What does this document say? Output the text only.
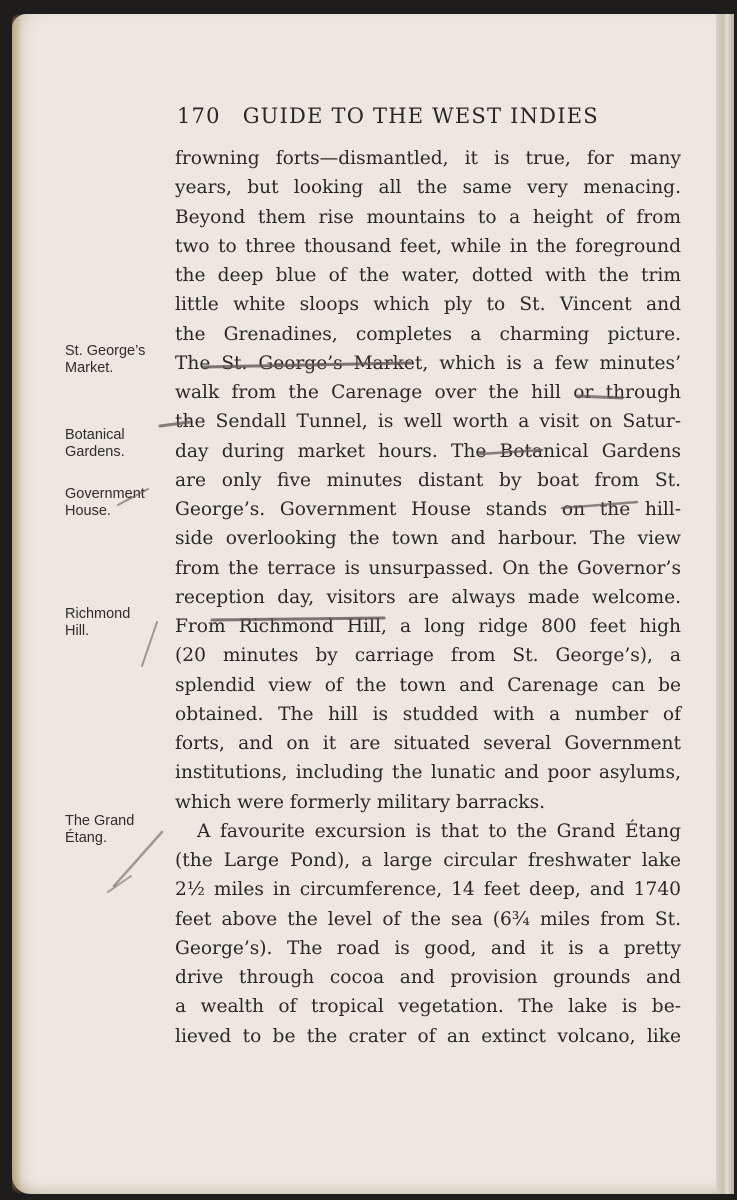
170 GUIDE TO THE WEST INDIES
frowning forts—dismantled, it is true, for many
years, but looking all the same very menacing.
Beyond them rise mountains to a height of from
two to three thousand feet, while in the foreground
the deep blue of the water, dotted with the trim
little white sloops which ply to St. Vincent and
the Grenadines, completes a charming picture.
The St. George’s Market, which is a few minutes’
walk from the Carenage over the hill or through
the Sendall Tunnel, is well worth a visit on Satur-
day during market hours. The Botanical Gardens
are only five minutes distant by boat from St.
George’s. Government House stands on the hill-
side overlooking the town and harbour. The view
from the terrace is unsurpassed. On the Governor’s
reception day, visitors are always made welcome.
From Richmond Hill, a long ridge 800 feet high
(20 minutes by carriage from St. George’s), a
splendid view of the town and Carenage can be
obtained. The hill is studded with a number of
forts, and on it are situated several Government
institutions, including the lunatic and poor asylums,
which were formerly military barracks.
A favourite excursion is that to the Grand Étang
(the Large Pond), a large circular freshwater lake
2½ miles in circumference, 14 feet deep, and 1740
feet above the level of the sea (6¾ miles from St.
George’s). The road is good, and it is a pretty
drive through cocoa and provision grounds and
a wealth of tropical vegetation. The lake is be-
lieved to be the crater of an extinct volcano, like
St. George’s
Market.
Botanical
Gardens.
Government
House.
Richmond
Hill.
The Grand
Étang.
